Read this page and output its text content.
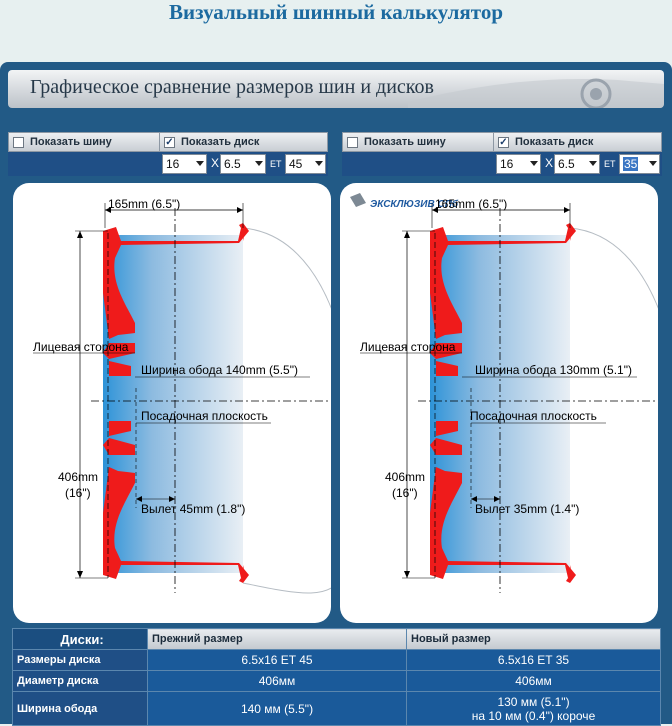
Визуальный шинный калькулятор
Графическое сравнение размеров шин и дисков
Показать шину	✓ Показать диск
16	X 6.5	ET 45
Показать шину	✓ Показать диск
16	X 6.5	ET 35
165mm (6.5")
406mm
(16")
Лицевая сторона
Ширина обода 140mm (5.5")
Посадочная плоскость
Вылет 45mm (1.8")
ЭКСКЛЮЗИВ СПб
165mm (6.5")
406mm
(16")
Лицевая сторона
Ширина обода 130mm (5.1")
Посадочная плоскость
Вылет 35mm (1.4")
Диски:	Прежний размер	Новый размер
Размеры диска	6.5x16 ET 45	6.5x16 ET 35
Диаметр диска	406мм	406мм
Ширина обода	140 мм (5.5")	130 мм (5.1")
на 10 мм (0.4") короче
